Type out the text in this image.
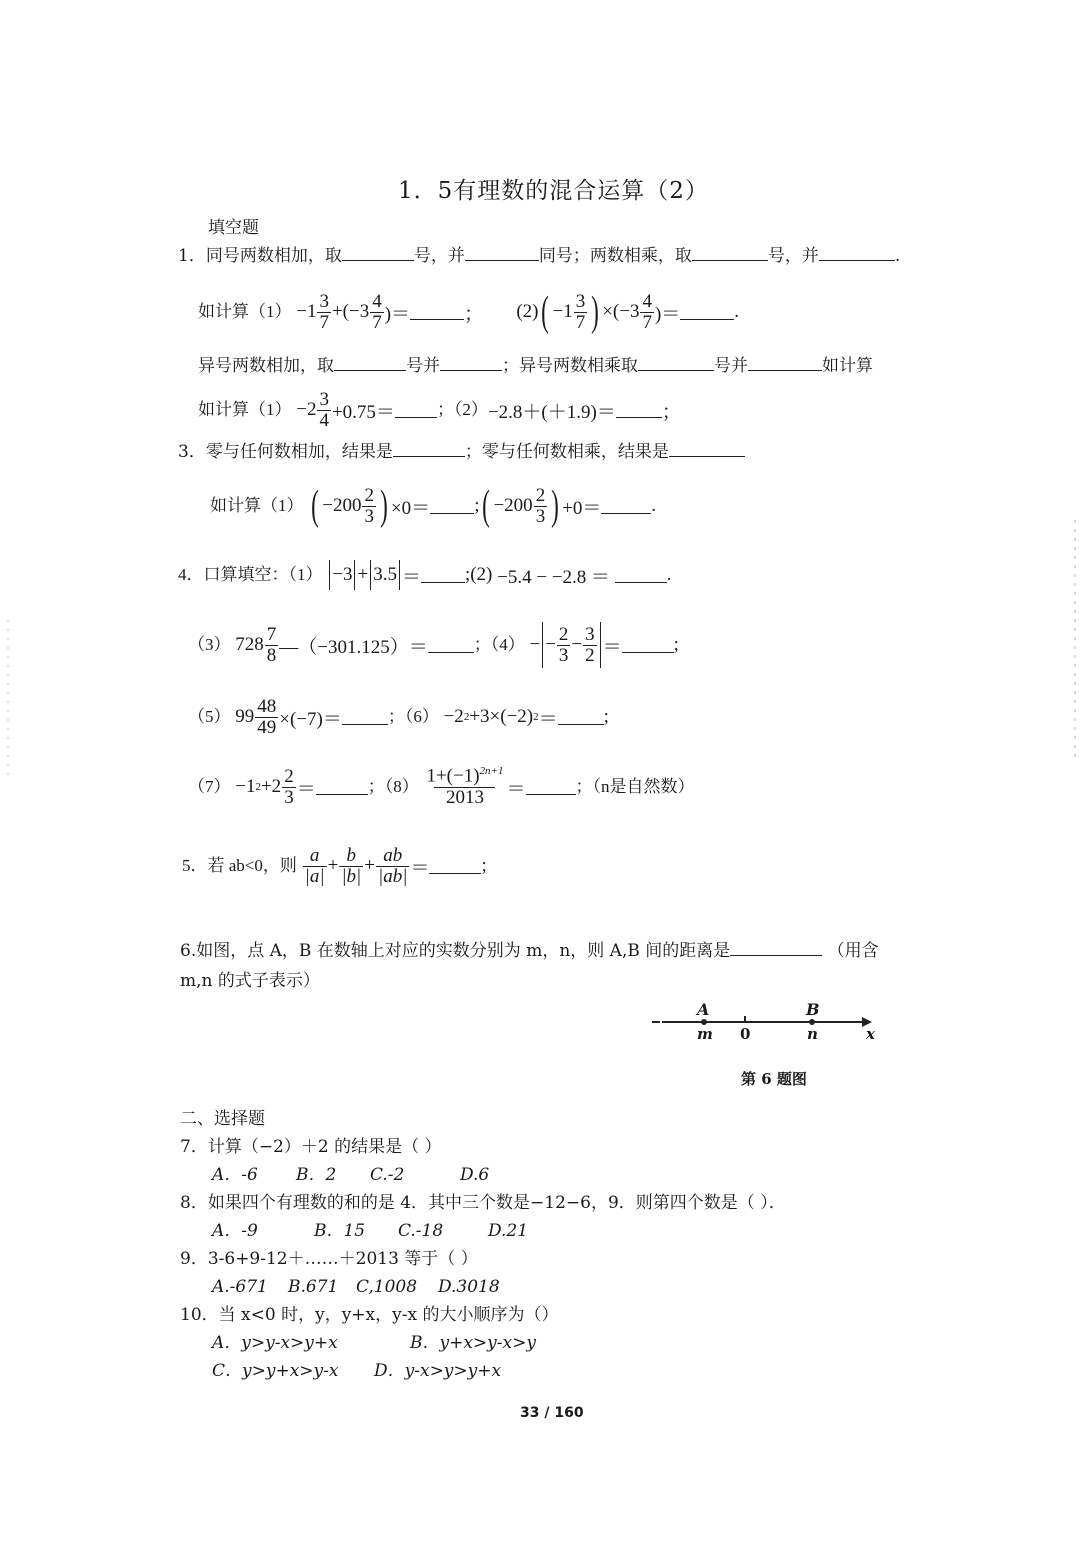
1．5有理数的混合运算（2）
填空题
1．同号两数相加，取	号，并	同号；两数相乘，取	号，并	.
如计算$(1) -1 \frac{3}{7} +(-3 \frac{4}{7}$ )＝	； (2) ( $-1 \frac{3}{7}$ ) $\times(-3 \frac{4}{7}$ )＝	.
异号两数相加，取	号并	；异号两数相乘取	号并	如计算
如计算$(1) -2 \frac{3}{4} +0.75=$ ；（2） −2.8＋(＋1.9)＝ ；
3．零与任何数相加，结果是	；零与任何数相乘，结果是
如计算（1）
( $-200 \frac{2}{3}$ ) ×0＝ ; ( $-200 \frac{2}{3}$ ) +0＝	.
4．口算填空：（1）
−3 + 3.5 ＝ ;(2)
−5.4 − −2.8 ＝
	.
（3） $728 \frac{7}{8}$ —（−301.125）＝	；（4） − − $\frac{2}{3} - \frac{3}{2}$ ＝	;
（5） $99 \frac{48}{49} \times(-7)=$	；（6） −2 2 +3×(−2) 2 ＝ ;
（7） −1 $2 +2 \frac{2}{3}$ ＝	；（8）
$\frac{1+(-1)^{2n+1}}{2013}$ ＝	；（n是自然数）
5．若 ab<0，则
$\frac{a}{|a|} + \frac{b}{|b|} + \frac{ab}{|ab|}$ ＝	;
6.如图，点 A，B 在数轴上对应的实数分别为 m，n，则 A,B 间的距离是	（用含
m,n 的式子表示）
A	B
m 0	n	x
第 6 题图
二、选择题
7．计算（−2）＋2 的结果是（ ）
A．-6 B．2 C.-2	D.6
8．如果四个有理数的和的是 4．其中三个数是−12−6，9．则第四个数是（ ）．
A．-9	B．15 C.-18	D.21
9．3-6+9-12＋……＋2013 等于（ ）
A.-671 B.671 C,1008 D.3018
10．当 x<0 时，y，y+x，y-x 的大小顺序为（）
A．y>y-x>y+x	B．y+x>y-x>y
C．y>y+x>y-x D．y-x>y>y+x
33 / 160
